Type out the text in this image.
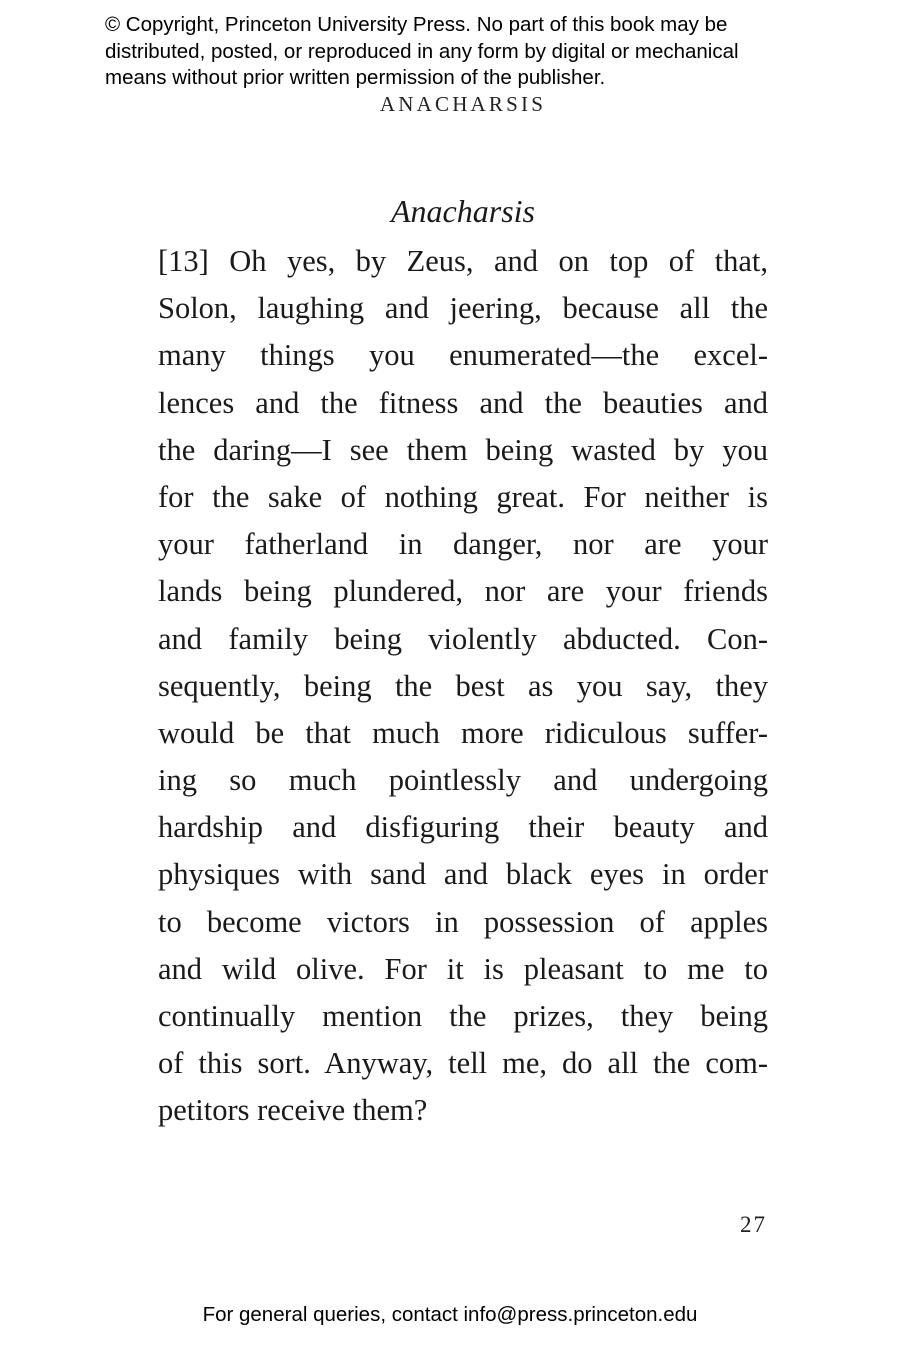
© Copyright, Princeton University Press. No part of this book may be
distributed, posted, or reproduced in any form by digital or mechanical
means without prior written permission of the publisher.
ANACHARSIS
Anacharsis
[13] Oh yes, by Zeus, and on top of that,
Solon, laughing and jeering, because all the
many things you enumerated—the excel-
lences and the fitness and the beauties and
the daring—I see them being wasted by you
for the sake of nothing great. For neither is
your fatherland in danger, nor are your
lands being plundered, nor are your friends
and family being violently abducted. Con-
sequently, being the best as you say, they
would be that much more ridiculous suffer-
ing so much pointlessly and undergoing
hardship and disfiguring their beauty and
physiques with sand and black eyes in order
to become victors in possession of apples
and wild olive. For it is pleasant to me to
continually mention the prizes, they being
of this sort. Anyway, tell me, do all the com-
petitors receive them?
27
For general queries, contact info@press.princeton.edu
